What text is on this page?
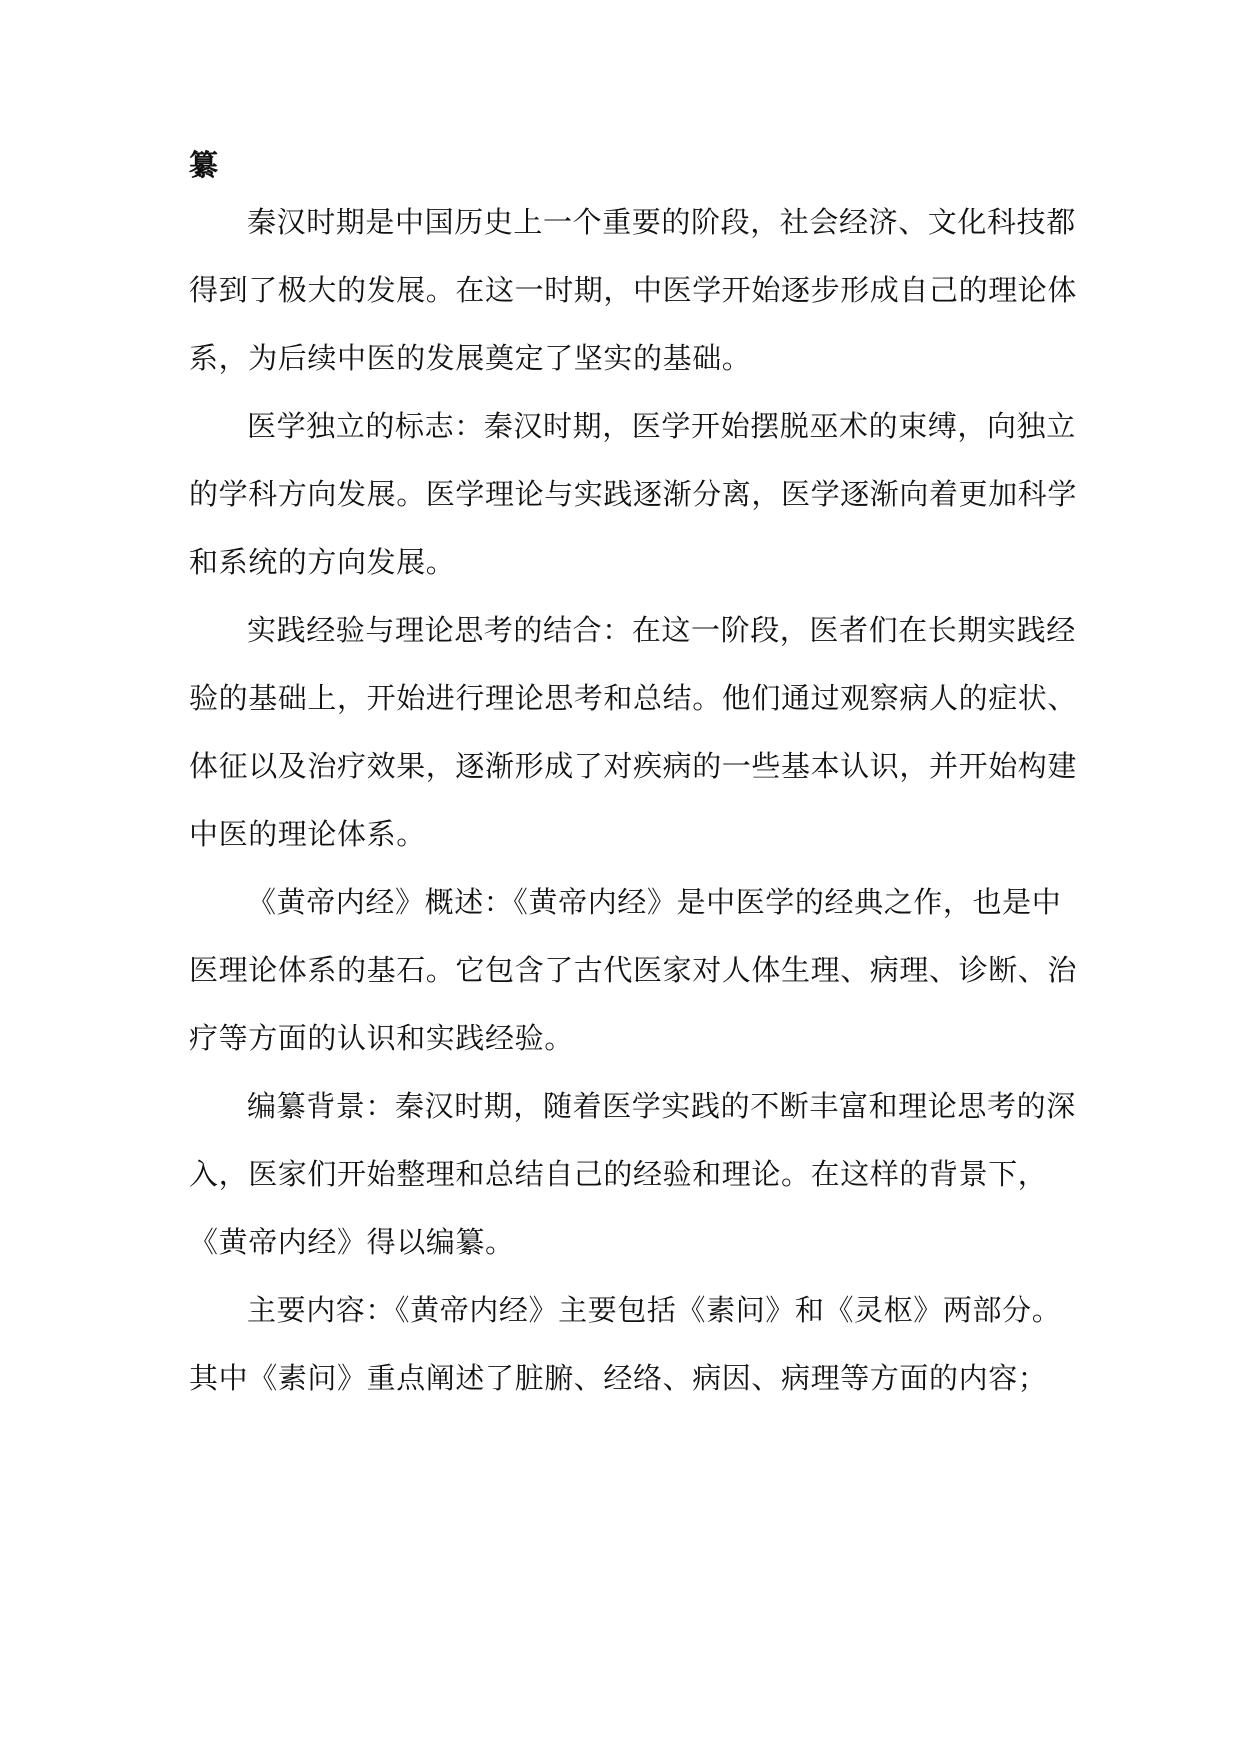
纂
秦汉时期是中国历史上一个重要的阶段，社会经济、文化科技都
得到了极大的发展。在这一时期，中医学开始逐步形成自己的理论体
系，为后续中医的发展奠定了坚实的基础。
医学独立的标志：秦汉时期，医学开始摆脱巫术的束缚，向独立
的学科方向发展。医学理论与实践逐渐分离，医学逐渐向着更加科学
和系统的方向发展。
实践经验与理论思考的结合：在这一阶段，医者们在长期实践经
验的基础上，开始进行理论思考和总结。他们通过观察病人的症状、
体征以及治疗效果，逐渐形成了对疾病的一些基本认识，并开始构建
中医的理论体系。
《黄帝内经》概述：《黄帝内经》是中医学的经典之作，也是中
医理论体系的基石。它包含了古代医家对人体生理、病理、诊断、治
疗等方面的认识和实践经验。
编纂背景：秦汉时期，随着医学实践的不断丰富和理论思考的深
入，医家们开始整理和总结自己的经验和理论。在这样的背景下，
《黄帝内经》得以编纂。
主要内容：《黄帝内经》主要包括《素问》和《灵枢》两部分。
其中《素问》重点阐述了脏腑、经络、病因、病理等方面的内容；
